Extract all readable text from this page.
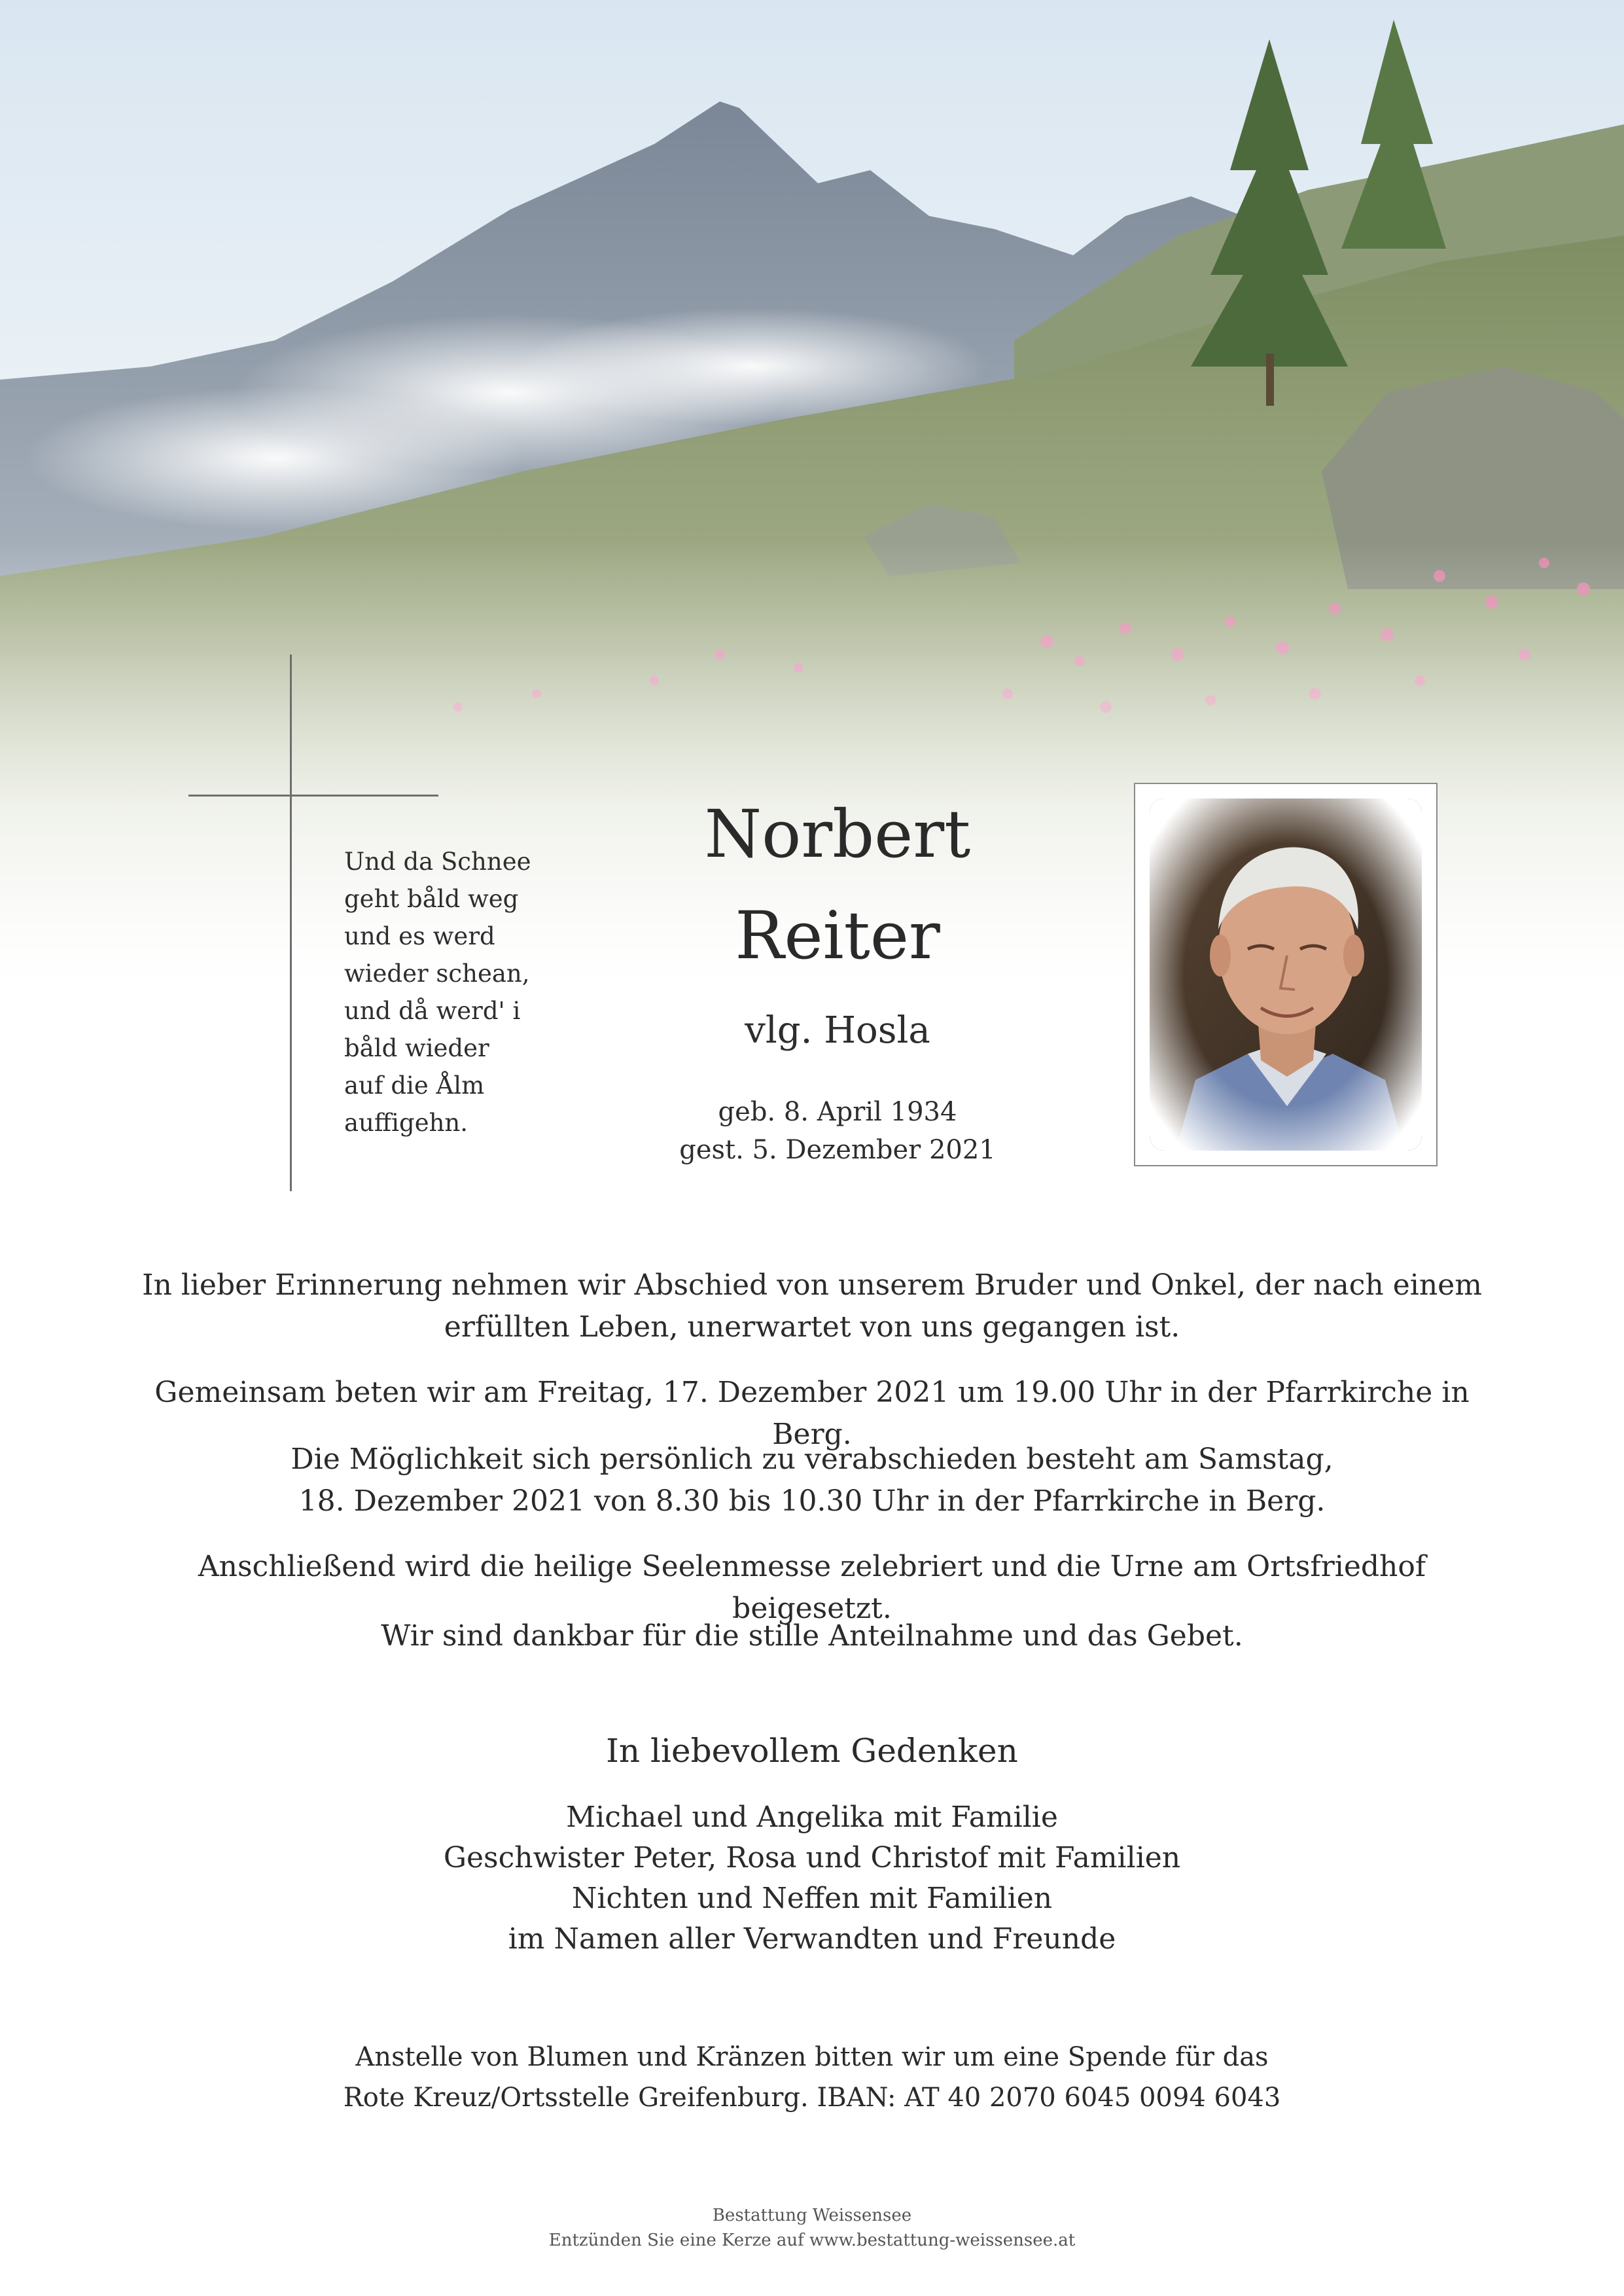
Und da Schnee
geht båld weg
und es werd
wieder schean,
und då werd' i
båld wieder
auf die Ålm
auffigehn.
Norbert
Reiter
vlg. Hosla
geb. 8. April 1934
gest. 5. Dezember 2021
In lieber Erinnerung nehmen wir Abschied von unserem Bruder und Onkel, der nach einem
erfüllten Leben, unerwartet von uns gegangen ist.
Gemeinsam beten wir am Freitag, 17. Dezember 2021 um 19.00 Uhr in der Pfarrkirche in Berg.
Die Möglichkeit sich persönlich zu verabschieden besteht am Samstag,
18. Dezember 2021 von 8.30 bis 10.30 Uhr in der Pfarrkirche in Berg.
Anschließend wird die heilige Seelenmesse zelebriert und die Urne am Ortsfriedhof beigesetzt.
Wir sind dankbar für die stille Anteilnahme und das Gebet.
In liebevollem Gedenken
Michael und Angelika mit Familie
Geschwister Peter, Rosa und Christof mit Familien
Nichten und Neffen mit Familien
im Namen aller Verwandten und Freunde
Anstelle von Blumen und Kränzen bitten wir um eine Spende für das
Rote Kreuz/Ortsstelle Greifenburg. IBAN: AT 40 2070 6045 0094 6043
Bestattung Weissensee
Entzünden Sie eine Kerze auf www.bestattung-weissensee.at
